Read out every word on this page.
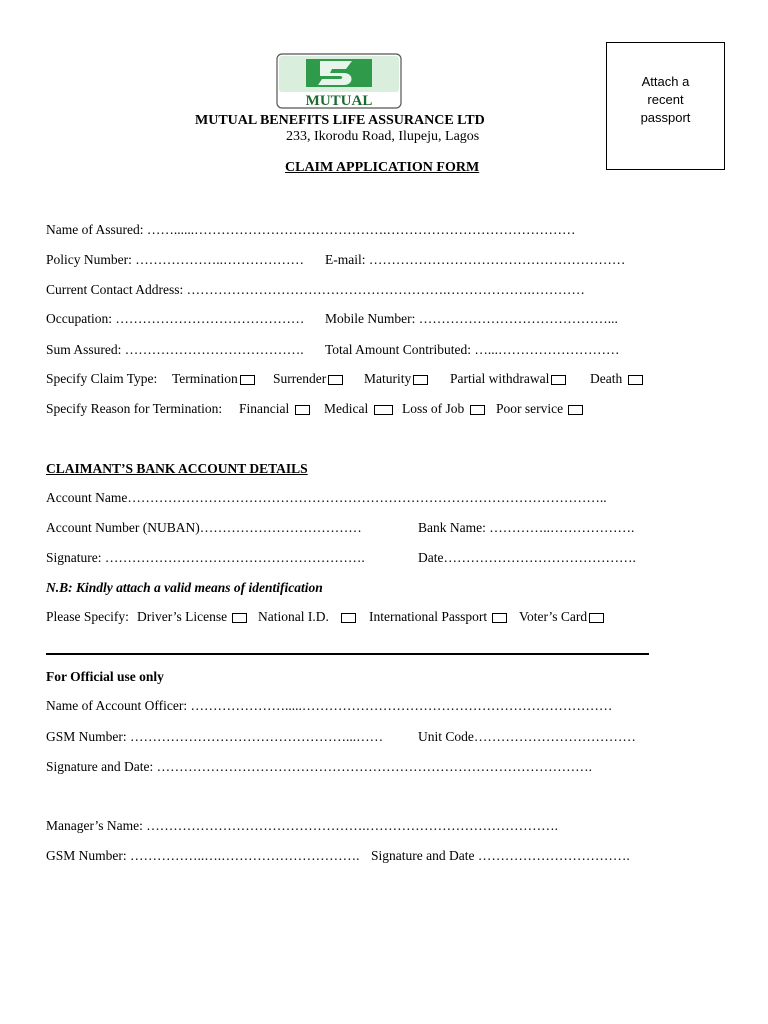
MUTUAL
MUTUAL BENEFITS LIFE ASSURANCE LTD
233, Ikorodu Road, Ilupeju, Lagos
CLAIM APPLICATION FORM
Attach a
recent
passport
Name of Assured: ……......…………………………………….……………………………………
Policy Number: ………………..……………… E-mail: …………………………………………………
Current Contact Address: ………………………………………………….……………….…………
Occupation: …………………………………… Mobile Number: ……………………………………...
Sum Assured: …………………………………. Total Amount Contributed: …...………………………
Specify Claim Type: Termination	Surrender	Maturity	Partial withdrawal	Death
Specify Reason for Termination: Financial	Medical	Loss of Job	Poor service
CLAIMANT’S BANK ACCOUNT DETAILS
Account Name……………………………………………………………………………………………..
Account Number (NUBAN)………………………………	Bank Name: …………..……………….
Signature: ………………………………………………….	Date…………………………………….
N.B: Kindly attach a valid means of identification
Please Specify: Driver’s License	National I.D.	International Passport	Voter’s Card
For Official use only
Name of Account Officer: ………………….....……………………………………………………………
GSM Number: …………………………………………...……	Unit Code………………………………
Signature and Date: …………………………………………………………………………………….
Manager’s Name: ………………………………………….…………………………………….
GSM Number: ……………..….…………………………. Signature and Date …………………………….
